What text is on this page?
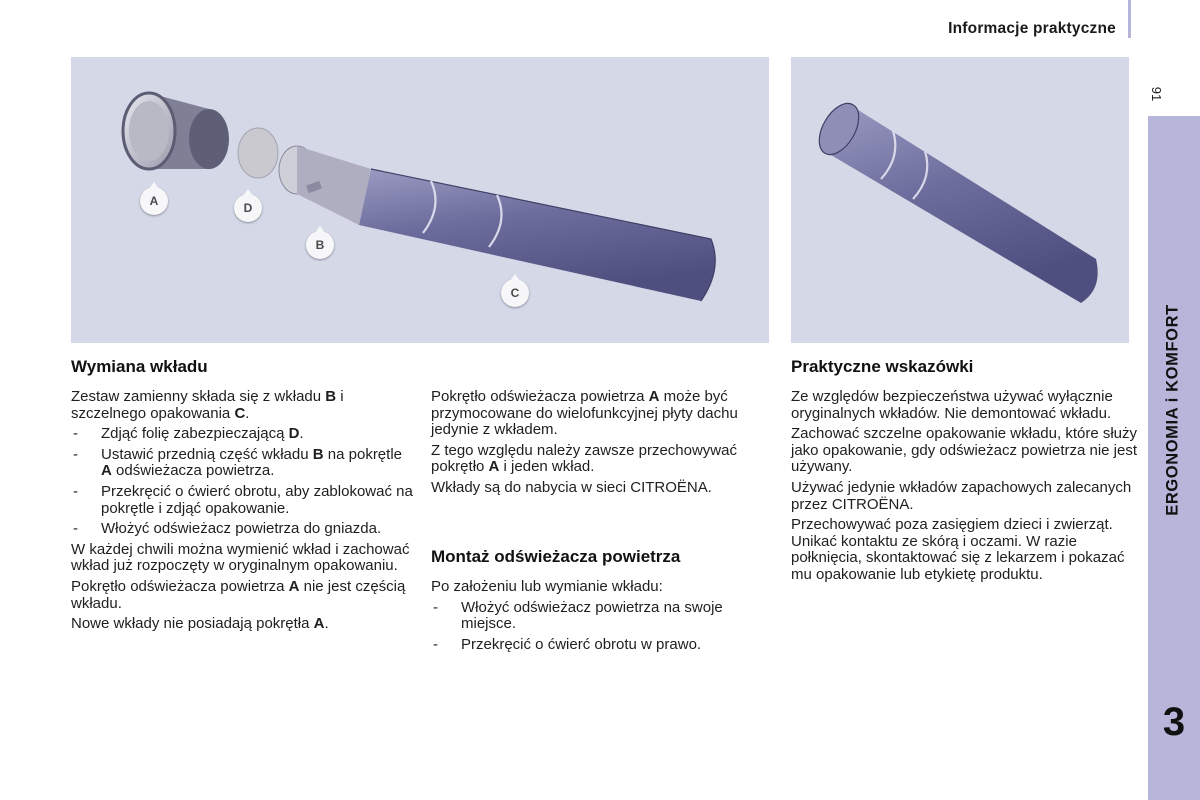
Informacje praktyczne
91
ERGONOMIA i KOMFORT
3
A	D
B
C
Wymiana wkładu

Zestaw zamienny składa się z wkładu B i szczelnego opakowania C.

- Zdjąć folię zabezpieczającą D.
- Ustawić przednią część wkładu B na pokrętle A odświeżacza powietrza.
- Przekręcić o ćwierć obrotu, aby zablokować na pokrętle i zdjąć opakowanie.
- Włożyć odświeżacz powietrza do gniazda.

W każdej chwili można wymienić wkład i zachować wkład już rozpoczęty w oryginalnym opakowaniu.

Pokrętło odświeżacza powietrza A nie jest częścią wkładu.

Nowe wkłady nie posiadają pokrętła A.

Pokrętło odświeżacza powietrza A może być przymocowane do wielofunkcyjnej płyty dachu jedynie z wkładem.

Z tego względu należy zawsze przechowywać pokrętło A i jeden wkład.

Wkłady są do nabycia w sieci CITROËNA.

Montaż odświeżacza powietrza

Po założeniu lub wymianie wkładu:

- Włożyć odświeżacz powietrza na swoje miejsce.
- Przekręcić o ćwierć obrotu w prawo.
Praktyczne wskazówki

Ze względów bezpieczeństwa używać wyłącznie oryginalnych wkładów. Nie demontować wkładu.

Zachować szczelne opakowanie wkładu, które służy jako opakowanie, gdy odświeżacz powietrza nie jest używany.

Używać jedynie wkładów zapachowych zalecanych przez CITROËNA.

Przechowywać poza zasięgiem dzieci i zwierząt. Unikać kontaktu ze skórą i oczami. W razie połknięcia, skontaktować się z lekarzem i pokazać mu opakowanie lub etykietę produktu.
